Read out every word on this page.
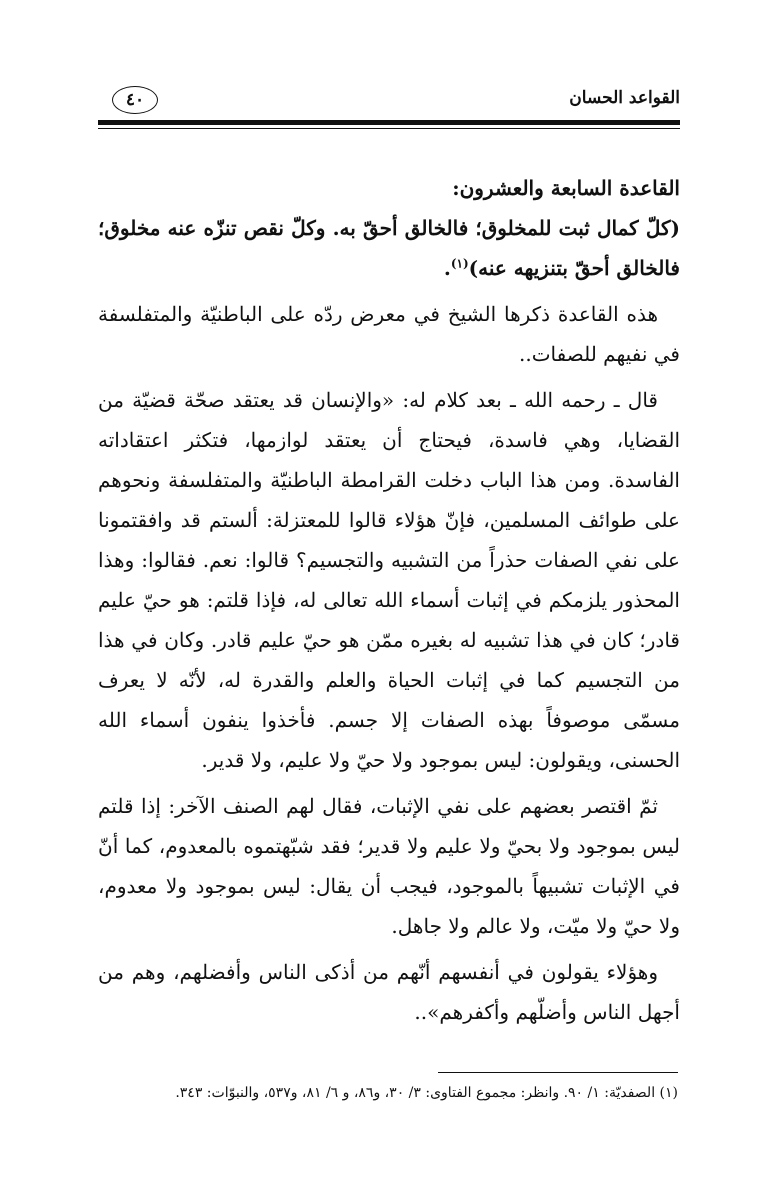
القواعد الحسان
٤٠

القاعدة السابعة والعشرون:

(كلّ كمال ثبت للمخلوق؛ فالخالق أحقّ به. وكلّ نقص تنزّه عنه مخلوق؛ فالخالق أحقّ بتنزيهه عنه)$^{(١)}$.

هذه القاعدة ذكرها الشيخ في معرض ردّه على الباطنيّة والمتفلسفة في نفيهم للصفات..

قال ـ رحمه الله ـ بعد كلام له: «والإنسان قد يعتقد صحّة قضيّة من القضايا، وهي فاسدة، فيحتاج أن يعتقد لوازمها، فتكثر اعتقاداته الفاسدة. ومن هذا الباب دخلت القرامطة الباطنيّة والمتفلسفة ونحوهم على طوائف المسلمين، فإنّ هؤلاء قالوا للمعتزلة: ألستم قد وافقتمونا على نفي الصفات حذراً من التشبيه والتجسيم؟ قالوا: نعم. فقالوا: وهذا المحذور يلزمكم في إثبات أسماء الله تعالى له، فإذا قلتم: هو حيّ عليم قادر؛ كان في هذا تشبيه له بغيره ممّن هو حيّ عليم قادر. وكان في هذا من التجسيم كما في إثبات الحياة والعلم والقدرة له، لأنّه لا يعرف مسمّى موصوفاً بهذه الصفات إلا جسم. فأخذوا ينفون أسماء الله الحسنى، ويقولون: ليس بموجود ولا حيّ ولا عليم، ولا قدير.

ثمّ اقتصر بعضهم على نفي الإثبات، فقال لهم الصنف الآخر: إذا قلتم ليس بموجود ولا بحيّ ولا عليم ولا قدير؛ فقد شبّهتموه بالمعدوم، كما أنّ في الإثبات تشبيهاً بالموجود، فيجب أن يقال: ليس بموجود ولا معدوم، ولا حيّ ولا ميّت، ولا عالم ولا جاهل.

وهؤلاء يقولون في أنفسهم أنّهم من أذكى الناس وأفضلهم، وهم من أجهل الناس وأضلّهم وأكفرهم»..

(١) الصفديّة: ١/ ٩٠. وانظر: مجموع الفتاوى: ٣/ ٣٠، و٨٦، و ٦/ ٨١، و٥٣٧، والنبوّات: ٣٤٣.
